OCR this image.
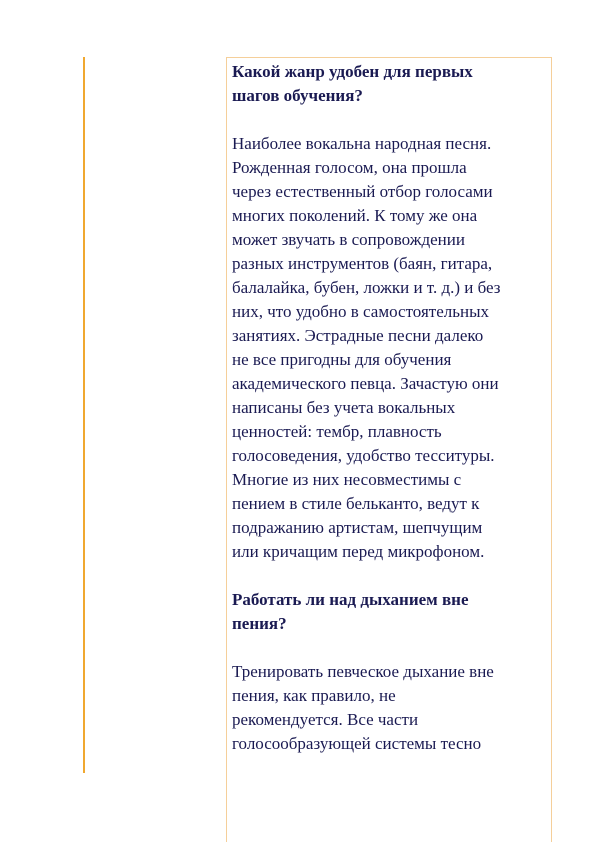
Какой жанр удобен для первых
шагов обучения?

Наиболее вокальна народная песня.
Рожденная голосом, она прошла
через естественный отбор голосами
многих поколений. К тому же она
может звучать в сопровождении
разных инструментов (баян, гитара,
балалайка, бубен, ложки и т. д.) и без
них, что удобно в самостоятельных
занятиях. Эстрадные песни далеко
не все пригодны для обучения
академического певца. Зачастую они
написаны без учета вокальных
ценностей: тембр, плавность
голосоведения, удобство тесситуры.
Многие из них несовместимы с
пением в стиле бельканто, ведут к
подражанию артистам, шепчущим
или кричащим перед микрофоном.

Работать ли над дыханием вне
пения?

Тренировать певческое дыхание вне
пения, как правило, не
рекомендуется. Все части
голосообразующей системы тесно
